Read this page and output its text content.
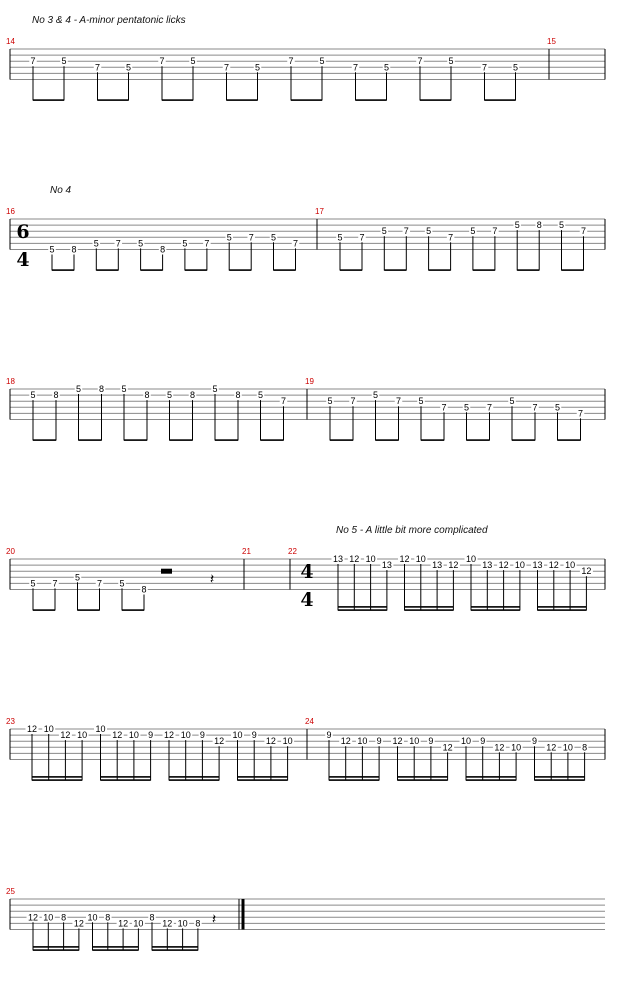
No 3 & 4 - A-minor pentatonic licks
No 4
No 5 - A little bit more complicated
14	15
16
6
4
17
18	19
20	21	22
4
4
23	24
25
7	5
7	5
7	5
7	5
7	5
7	5
7	5
7	5
5 8
5 7 5
8
5 7
5 7 5
7
5 7
5 7 5
7
5 7
5 8 5
7
5 8
5 8 5
8 5 8
5
8 5
7	5 7
5
7 5
7 5 7
5
7 5
7
5 7
5
7 5
8
13 12 10
13
12 10
13 12
10
13 12 10 13 12 10
12
12 10
12 10
10
12 10 9 12 10 9
12
10 9
12 10
9
12 10 9 12 10 9
12
10 9
12 10
9
12 10 8
12 10 8
12
10 8
12 10
8
12 10 8
𝄽
𝄽
